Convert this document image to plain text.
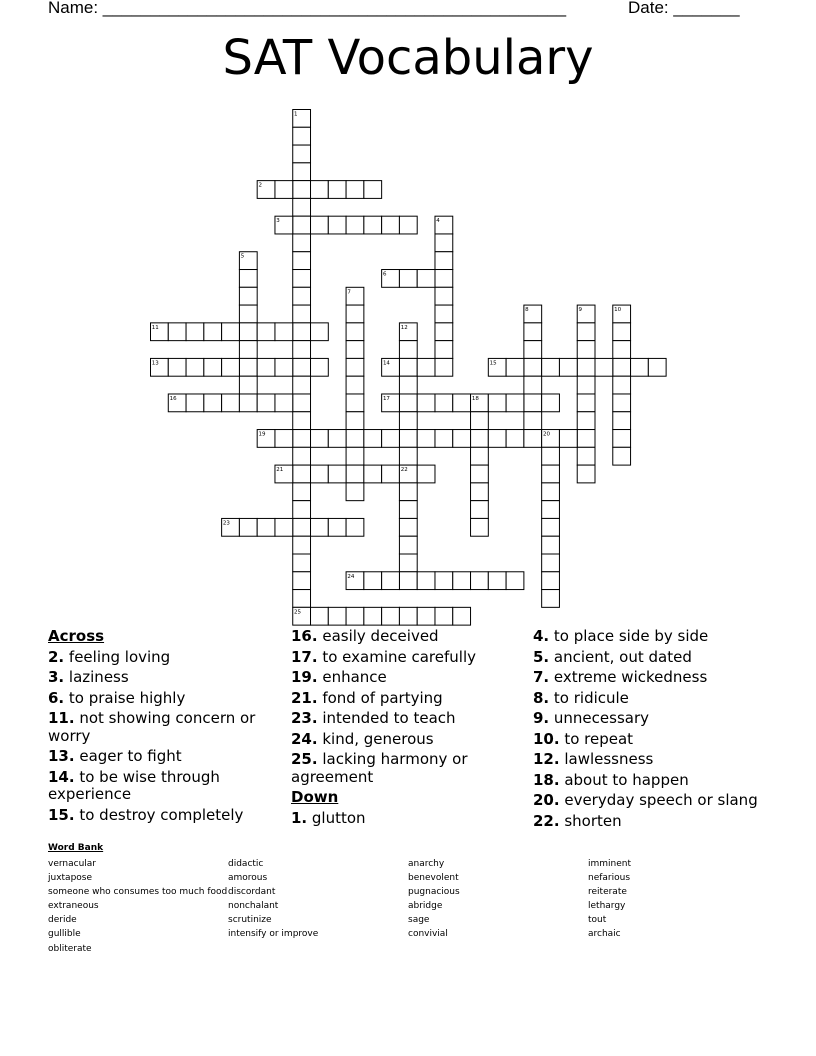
Name: _________________________________________________	Date: _______
SAT Vocabulary
1
2
3	4
5
6
7
8	9	10
11	12
13	14	15
16	17	18
19	20
21	22
23
24
25
Across
2. feeling loving
3. laziness
6. to praise highly
11. not showing concern or worry
13. eager to fight
14. to be wise through experience
15. to destroy completely
16. easily deceived
17. to examine carefully
19. enhance
21. fond of partying
23. intended to teach
24. kind, generous
25. lacking harmony or agreement
Down
1. glutton
4. to place side by side
5. ancient, out dated
7. extreme wickedness
8. to ridicule
9. unnecessary
10. to repeat
12. lawlessness
18. about to happen
20. everyday speech or slang
22. shorten
Word Bank
vernacular
juxtapose
someone who consumes too much food
extraneous
deride
gullible
obliterate
didactic
amorous
discordant
nonchalant
scrutinize
intensify or improve
anarchy
benevolent
pugnacious
abridge
sage
convivial
imminent
nefarious
reiterate
lethargy
tout
archaic
